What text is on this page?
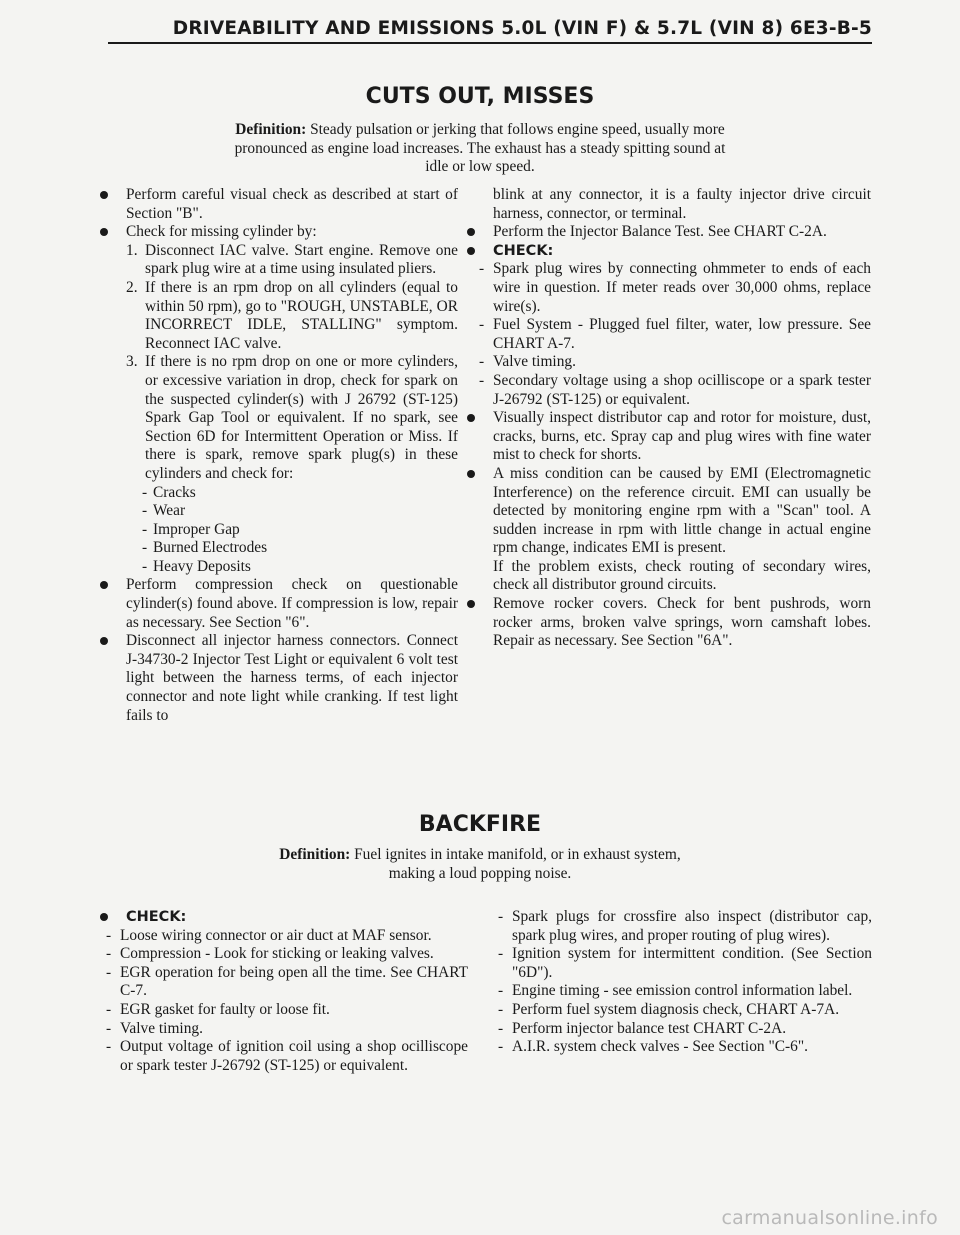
DRIVEABILITY AND EMISSIONS 5.0L (VIN F) & 5.7L (VIN 8) 6E3-B-5
CUTS OUT, MISSES
Definition: Steady pulsation or jerking that follows engine speed, usually more pronounced as engine load increases. The exhaust has a steady spitting sound at idle or low speed.

Perform careful visual check as described at start of Section "B".

Check for missing cylinder by:

1. Disconnect IAC valve. Start engine. Remove one spark plug wire at a time using insulated pliers.

2. If there is an rpm drop on all cylinders (equal to within 50 rpm), go to "ROUGH, UNSTABLE, OR INCORRECT IDLE, STALLING" symptom. Reconnect IAC valve.

3. If there is no rpm drop on one or more cylinders, or excessive variation in drop, check for spark on the suspected cylinder(s) with J 26792 (ST-125) Spark Gap Tool or equivalent. If no spark, see Section 6D for Intermittent Operation or Miss. If there is spark, remove spark plug(s) in these cylinders and check for:

- Cracks

- Wear

- Improper Gap

- Burned Electrodes

- Heavy Deposits

Perform compression check on questionable cylinder(s) found above. If compression is low, repair as necessary. See Section "6".

Disconnect all injector harness connectors. Connect J-34730-2 Injector Test Light or equivalent 6 volt test light between the harness terms, of each injector connector and note light while cranking. If test light fails to

blink at any connector, it is a faulty injector drive circuit harness, connector, or terminal.

Perform the Injector Balance Test. See CHART C-2A.

CHECK:

- Spark plug wires by connecting ohmmeter to ends of each wire in question. If meter reads over 30,000 ohms, replace wire(s).

- Fuel System - Plugged fuel filter, water, low pressure. See CHART A-7.

- Valve timing.

- Secondary voltage using a shop ocilliscope or a spark tester J-26792 (ST-125) or equivalent.

Visually inspect distributor cap and rotor for moisture, dust, cracks, burns, etc. Spray cap and plug wires with fine water mist to check for shorts.

A miss condition can be caused by EMI (Electromagnetic Interference) on the reference circuit. EMI can usually be detected by monitoring engine rpm with a "Scan" tool. A sudden increase in rpm with little change in actual engine rpm change, indicates EMI is present.

If the problem exists, check routing of secondary wires, check all distributor ground circuits.

Remove rocker covers. Check for bent pushrods, worn rocker arms, broken valve springs, worn camshaft lobes. Repair as necessary. See Section "6A".

BACKFIRE
Definition: Fuel ignites in intake manifold, or in exhaust system, making a loud popping noise.

CHECK:

- Loose wiring connector or air duct at MAF sensor.

- Compression - Look for sticking or leaking valves.

- EGR operation for being open all the time. See CHART C-7.

- EGR gasket for faulty or loose fit.

- Valve timing.

- Output voltage of ignition coil using a shop ocilliscope or spark tester J-26792 (ST-125) or equivalent.

- Spark plugs for crossfire also inspect (distributor cap, spark plug wires, and proper routing of plug wires).

- Ignition system for intermittent condition. (See Section "6D").

- Engine timing - see emission control information label.

- Perform fuel system diagnosis check, CHART A-7A.

- Perform injector balance test CHART C-2A.

- A.I.R. system check valves - See Section "C-6".

carmanualsonline.info
